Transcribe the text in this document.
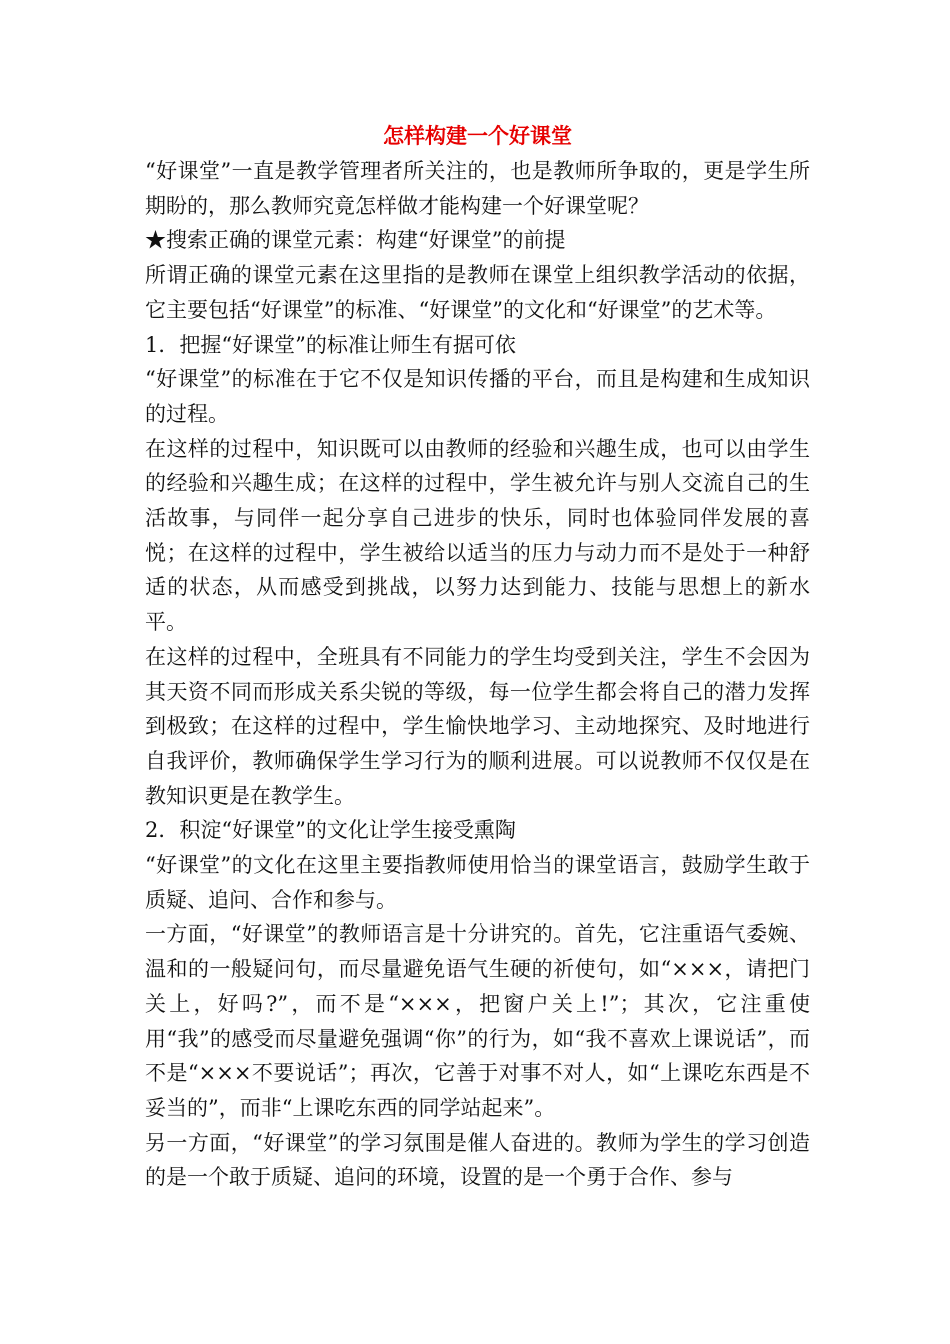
怎样构建一个好课堂

“好课堂”一直是教学管理者所关注的，也是教师所争取的，更是学生所期盼的，那么教师究竟怎样做才能构建一个好课堂呢？

★搜索正确的课堂元素：构建“好课堂”的前提

所谓正确的课堂元素在这里指的是教师在课堂上组织教学活动的依据，它主要包括“好课堂”的标准、“好课堂”的文化和“好课堂”的艺术等。

1．把握“好课堂”的标准让师生有据可依

“好课堂”的标准在于它不仅是知识传播的平台，而且是构建和生成知识的过程。

在这样的过程中，知识既可以由教师的经验和兴趣生成，也可以由学生的经验和兴趣生成；在这样的过程中，学生被允许与别人交流自己的生活故事，与同伴一起分享自己进步的快乐，同时也体验同伴发展的喜悦；在这样的过程中，学生被给以适当的压力与动力而不是处于一种舒适的状态，从而感受到挑战，以努力达到能力、技能与思想上的新水平。

在这样的过程中，全班具有不同能力的学生均受到关注，学生不会因为其天资不同而形成关系尖锐的等级，每一位学生都会将自己的潜力发挥到极致；在这样的过程中，学生愉快地学习、主动地探究、及时地进行自我评价，教师确保学生学习行为的顺利进展。可以说教师不仅仅是在教知识更是在教学生。

2．积淀“好课堂”的文化让学生接受熏陶

“好课堂”的文化在这里主要指教师使用恰当的课堂语言，鼓励学生敢于质疑、追问、合作和参与。

一方面，“好课堂”的教师语言是十分讲究的。首先，它注重语气委婉、温和的一般疑问句，而尽量避免语气生硬的祈使句，如“×××，请把门关上，好吗?”，而不是“×××，把窗户关上!”；其次，它注重使用“我”的感受而尽量避免强调“你”的行为，如“我不喜欢上课说话”，而不是“×××不要说话”；再次，它善于对事不对人，如“上课吃东西是不妥当的”，而非“上课吃东西的同学站起来”。

另一方面，“好课堂”的学习氛围是催人奋进的。教师为学生的学习创造的是一个敢于质疑、追问的环境，设置的是一个勇于合作、参与
